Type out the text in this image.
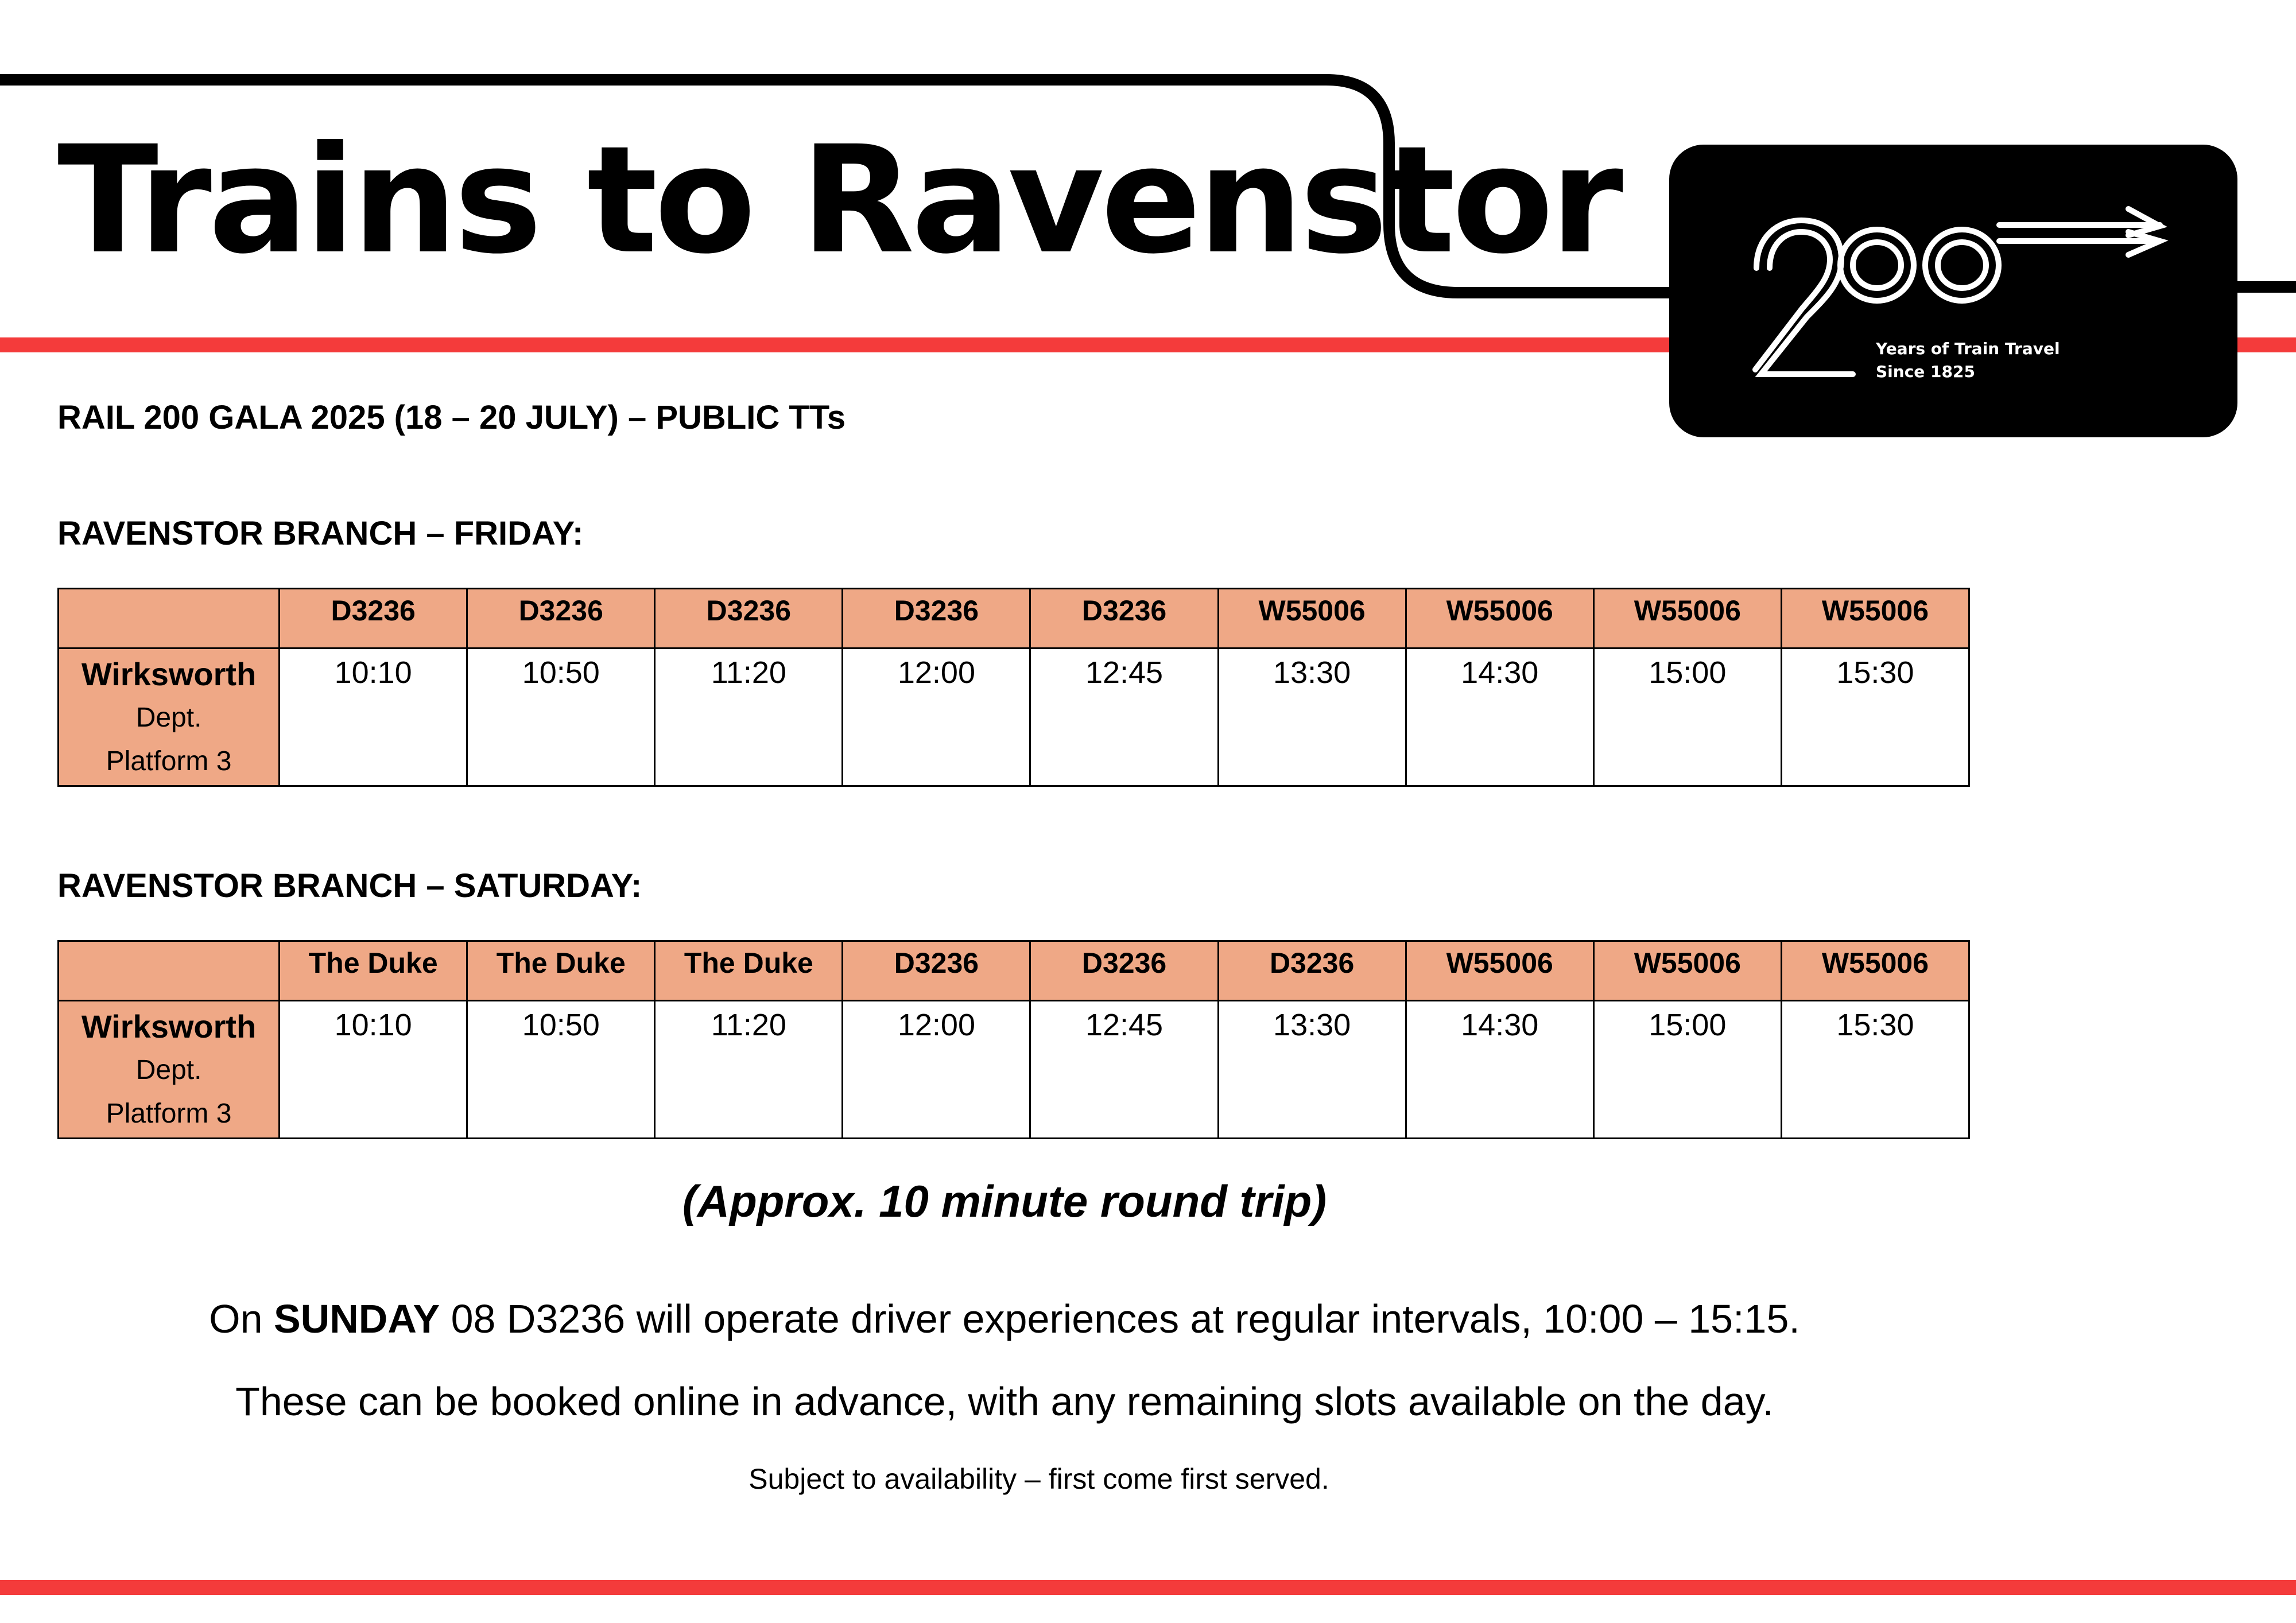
Trains to Ravenstor	™
Years of Train Travel
Since 1825
RAIL 200 GALA 2025 (18 – 20 JULY) – PUBLIC TTs
RAVENSTOR BRANCH – FRIDAY:
	D3236	D3236	D3236	D3236	D3236	W55006	W55006	W55006	W55006

Wirksworth
Dept.
Platform 3	10:10	10:50	11:20	12:00	12:45	13:30	14:30	15:00	15:30
RAVENSTOR BRANCH – SATURDAY:
	The Duke	The Duke	The Duke	D3236	D3236	D3236	W55006	W55006	W55006

Wirksworth
Dept.
Platform 3	10:10	10:50	11:20	12:00	12:45	13:30	14:30	15:00	15:30
(Approx. 10 minute round trip)
On SUNDAY 08 D3236 will operate driver experiences at regular intervals, 10:00 – 15:15.
These can be booked online in advance, with any remaining slots available on the day.
Subject to availability – first come first served.
